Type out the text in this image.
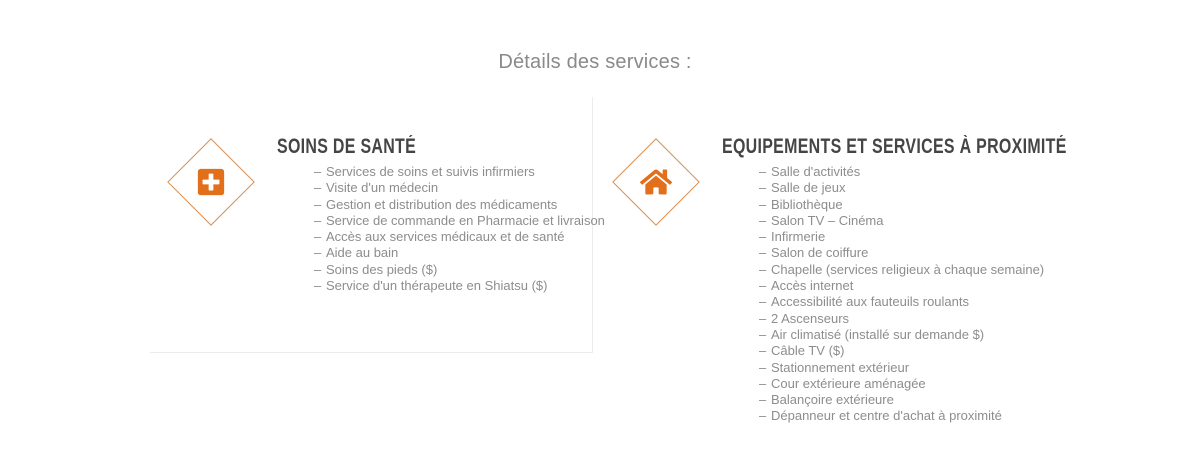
Détails des services :
SOINS DE SANTÉ
– Services de soins et suivis infirmiers
– Visite d'un médecin
– Gestion et distribution des médicaments
– Service de commande en Pharmacie et livraison
– Accès aux services médicaux et de santé
– Aide au bain
– Soins des pieds ($)
– Service d'un thérapeute en Shiatsu ($)
EQUIPEMENTS ET SERVICES À PROXIMITÉ
– Salle d'activités
– Salle de jeux
– Bibliothèque
– Salon TV – Cinéma
– Infirmerie
– Salon de coiffure
– Chapelle (services religieux à chaque semaine)
– Accès internet
– Accessibilité aux fauteuils roulants
– 2 Ascenseurs
– Air climatisé (installé sur demande $)
– Câble TV ($)
– Stationnement extérieur
– Cour extérieure aménagée
– Balançoire extérieure
– Dépanneur et centre d'achat à proximité
